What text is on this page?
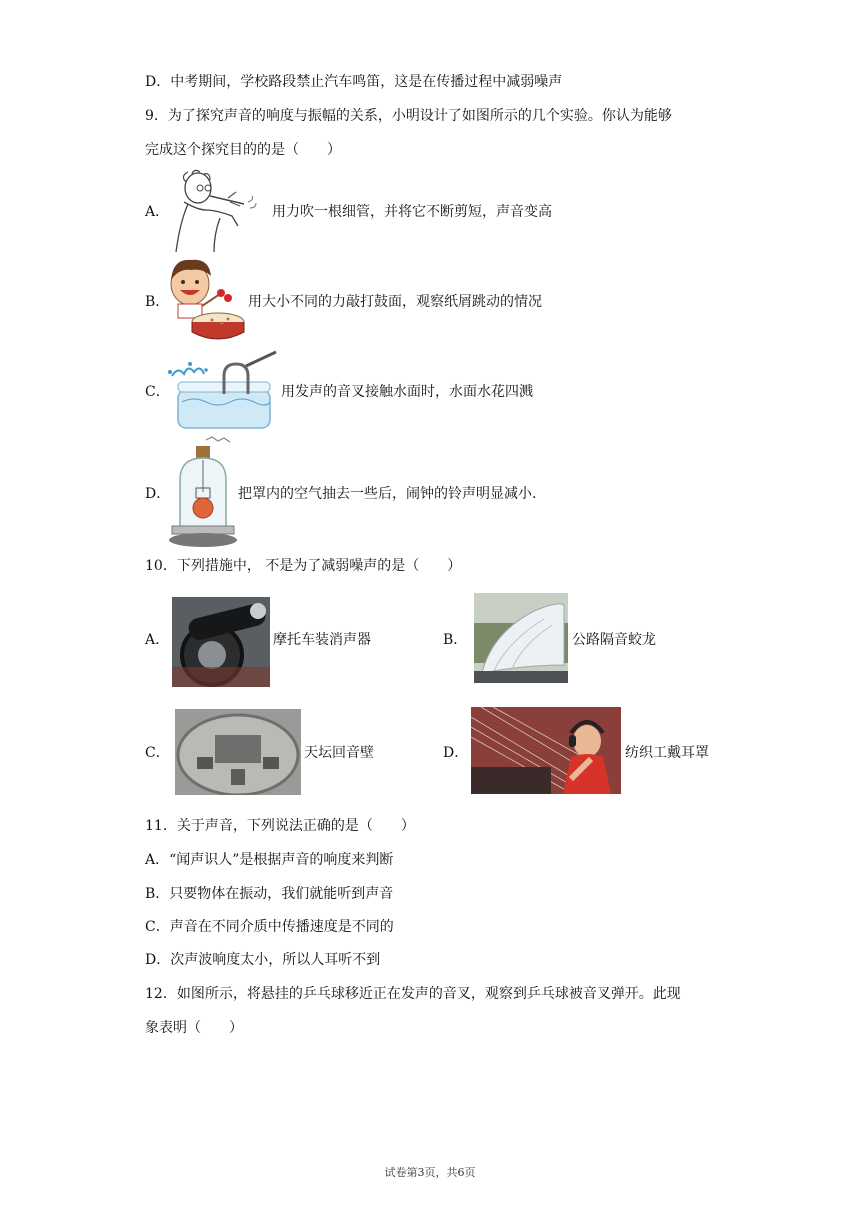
D．中考期间，学校路段禁止汽车鸣笛，这是在传播过程中减弱噪声
9．为了探究声音的响度与振幅的关系，小明设计了如图所示的几个实验。你认为能够
完成这个探究目的的是（　　）
A．	用力吹一根细管，并将它不断剪短，声音变高
B．	用大小不同的力敲打鼓面，观察纸屑跳动的情况
C．	用发声的音叉接触水面时，水面水花四溅
D．	把罩内的空气抽去一些后，闹钟的铃声明显减小.
10．下列措施中， 不是为了减弱噪声的是（　　）
A．	摩托车装消声器	B．	公路隔音蛟龙
C．	天坛回音壁	D．	纺织工戴耳罩
11．关于声音，下列说法正确的是（　　）
A．“闻声识人”是根据声音的响度来判断
B．只要物体在振动，我们就能听到声音
C．声音在不同介质中传播速度是不同的
D．次声波响度太小，所以人耳听不到
12．如图所示，将悬挂的乒乓球移近正在发声的音叉，观察到乒乓球被音叉弹开。此现
象表明（　　）
试卷第3页，共6页
